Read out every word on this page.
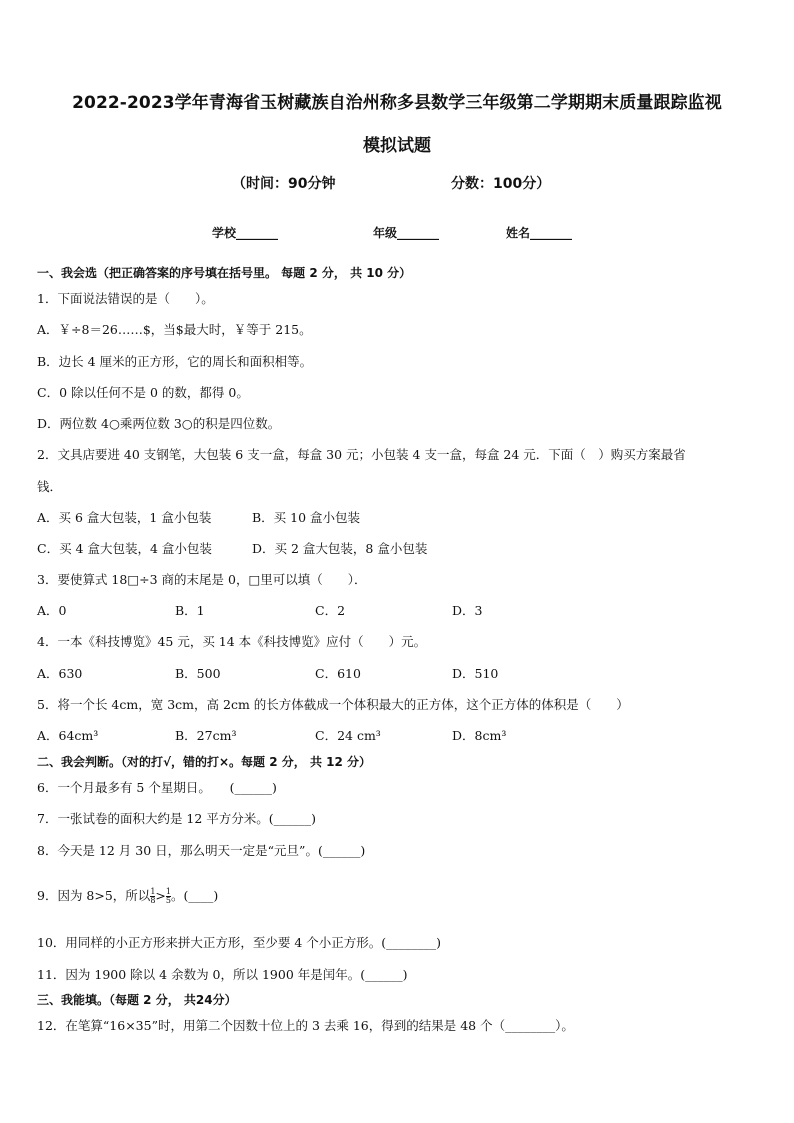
2022-2023学年青海省玉树藏族自治州称多县数学三年级第二学期期末质量跟踪监视
模拟试题
（时间：90分钟	分数：100分）
学校_______	年级_______	姓名_______
一、我会选（把正确答案的序号填在括号里。 每题 2 分， 共 10 分）
1．下面说法错误的是（　　）。
A．￥÷8＝26……$，当$最大时，￥等于 215。
B．边长 4 厘米的正方形，它的周长和面积相等。
C．0 除以任何不是 0 的数，都得 0。
D．两位数 4○乘两位数 3○的积是四位数。
2．文具店要进 40 支钢笔，大包装 6 支一盒，每盒 30 元；小包装 4 支一盒，每盒 24 元．下面（　）购买方案最省
钱．
A．买 6 盒大包装，1 盒小包装	B．买 10 盒小包装
C．买 4 盒大包装，4 盒小包装	D．买 2 盒大包装，8 盒小包装
3．要使算式 18□÷3 商的末尾是 0，□里可以填（　　）．
A．0	B．1	C．2	D．3
4．一本《科技博览》45 元，买 14 本《科技博览》应付（　　）元。
A．630	B．500	C．610	D．510
5．将一个长 4cm，宽 3cm，高 2cm 的长方体截成一个体积最大的正方体，这个正方体的体积是（　　）
A．64cm³	B．27cm³	C．24 cm³	D．8cm³
二、我会判断。（对的打√，错的打×。每题 2 分， 共 12 分）
6．一个月最多有 5 个星期日。　　(______)
7．一张试卷的面积大约是 12 平方分米。(______)
8．今天是 12 月 30 日，那么明天一定是“元旦”。(______)
9．因为 8>5，所以 $\frac{1}{8} > \frac{1}{5}$ 。(____)
10．用同样的小正方形来拼大正方形，至少要 4 个小正方形。(________)
11．因为 1900 除以 4 余数为 0，所以 1900 年是闰年。(______)
三、我能填。（每题 2 分， 共24分）
12．在笔算“16×35”时，用第二个因数十位上的 3 去乘 16，得到的结果是 48 个（________）。
